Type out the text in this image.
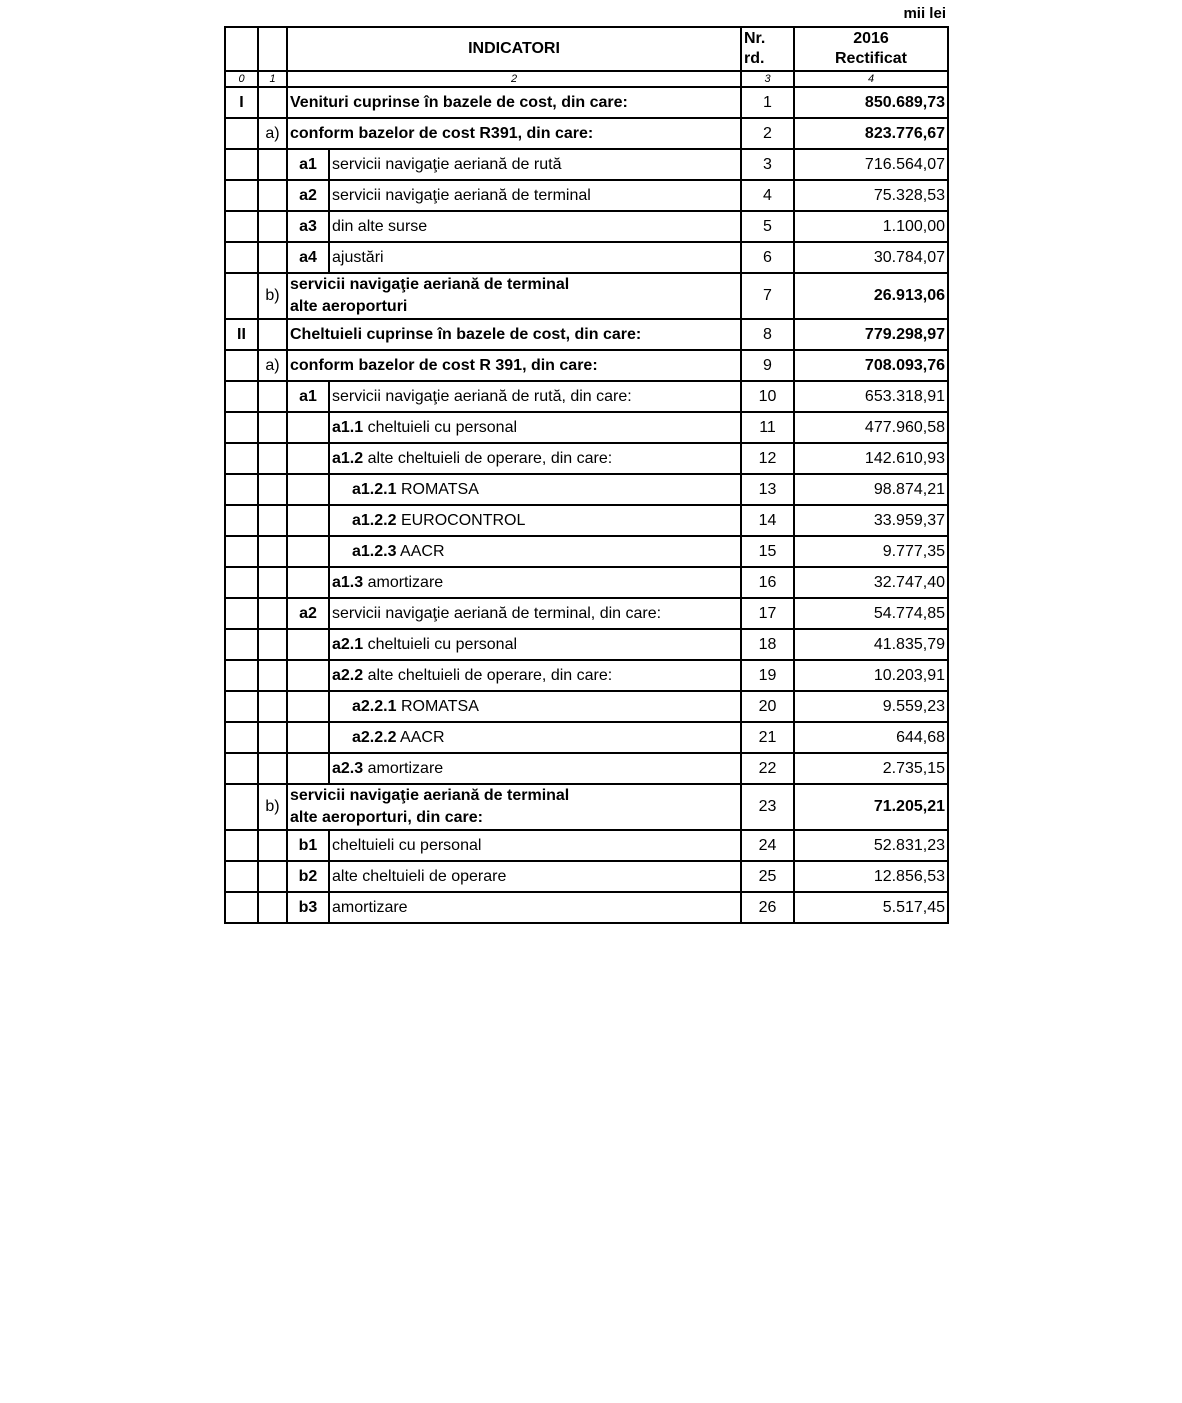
mii lei
		INDICATORI		Nr.
rd.	2016
Rectificat
0	1	2		3	4
I		Venituri cuprinse în bazele de cost, din care:		1	850.689,73
	a)	conform bazelor de cost R391, din care:		2	823.776,67
		a1	servicii navigaţie aeriană de rută	3	716.564,07
		a2	servicii navigaţie aeriană de terminal	4	75.328,53
		a3	din alte surse	5	1.100,00
		a4	ajustări	6	30.784,07
	b)	servicii navigaţie aeriană de terminal
alte aeroporturi		7	26.913,06
II		Cheltuieli cuprinse în bazele de cost, din care:		8	779.298,97
	a)	conform bazelor de cost R 391, din care:		9	708.093,76
		a1	servicii navigaţie aeriană de rută, din care:	10	653.318,91
			a1.1 cheltuieli cu personal	11	477.960,58
			a1.2 alte cheltuieli de operare, din care:	12	142.610,93
			a1.2.1 ROMATSA	13	98.874,21
			a1.2.2 EUROCONTROL	14	33.959,37
			a1.2.3 AACR	15	9.777,35
			a1.3 amortizare	16	32.747,40
		a2	servicii navigaţie aeriană de terminal, din care:	17	54.774,85
			a2.1 cheltuieli cu personal	18	41.835,79
			a2.2 alte cheltuieli de operare, din care:	19	10.203,91
			a2.2.1 ROMATSA	20	9.559,23
			a2.2.2 AACR	21	644,68
			a2.3 amortizare	22	2.735,15
	b)	servicii navigaţie aeriană de terminal
alte aeroporturi, din care:		23	71.205,21
		b1	cheltuieli cu personal	24	52.831,23
		b2	alte cheltuieli de operare	25	12.856,53
		b3	amortizare	26	5.517,45
